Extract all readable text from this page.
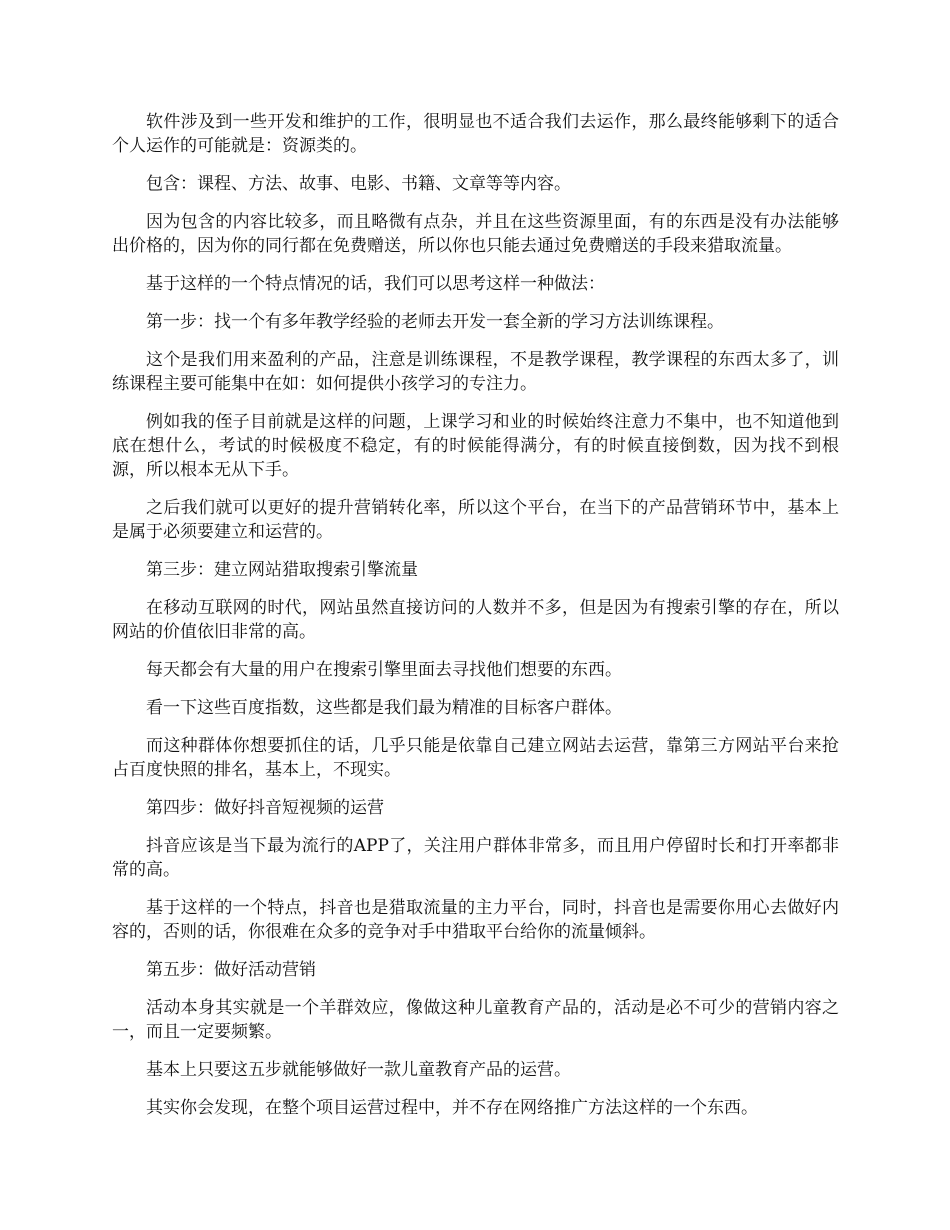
软件涉及到一些开发和维护的工作，很明显也不适合我们去运作，那么最终能够剩下的适合个人运作的可能就是：资源类的。

包含：课程、方法、故事、电影、书籍、文章等等内容。

因为包含的内容比较多，而且略微有点杂，并且在这些资源里面，有的东西是没有办法能够出价格的，因为你的同行都在免费赠送，所以你也只能去通过免费赠送的手段来猎取流量。

基于这样的一个特点情况的话，我们可以思考这样一种做法：

第一步：找一个有多年教学经验的老师去开发一套全新的学习方法训练课程。

这个是我们用来盈利的产品，注意是训练课程，不是教学课程，教学课程的东西太多了，训练课程主要可能集中在如：如何提供小孩学习的专注力。

例如我的侄子目前就是这样的问题，上课学习和业的时候始终注意力不集中，也不知道他到底在想什么，考试的时候极度不稳定，有的时候能得满分，有的时候直接倒数，因为找不到根源，所以根本无从下手。

之后我们就可以更好的提升营销转化率，所以这个平台，在当下的产品营销环节中，基本上是属于必须要建立和运营的。

第三步：建立网站猎取搜索引擎流量

在移动互联网的时代，网站虽然直接访问的人数并不多，但是因为有搜索引擎的存在，所以网站的价值依旧非常的高。

每天都会有大量的用户在搜索引擎里面去寻找他们想要的东西。

看一下这些百度指数，这些都是我们最为精准的目标客户群体。

而这种群体你想要抓住的话，几乎只能是依靠自己建立网站去运营，靠第三方网站平台来抢占百度快照的排名，基本上，不现实。

第四步：做好抖音短视频的运营

抖音应该是当下最为流行的APP了，关注用户群体非常多，而且用户停留时长和打开率都非常的高。

基于这样的一个特点，抖音也是猎取流量的主力平台，同时，抖音也是需要你用心去做好内容的，否则的话，你很难在众多的竞争对手中猎取平台给你的流量倾斜。

第五步：做好活动营销

活动本身其实就是一个羊群效应，像做这种儿童教育产品的，活动是必不可少的营销内容之一，而且一定要频繁。

基本上只要这五步就能够做好一款儿童教育产品的运营。

其实你会发现，在整个项目运营过程中，并不存在网络推广方法这样的一个东西。
